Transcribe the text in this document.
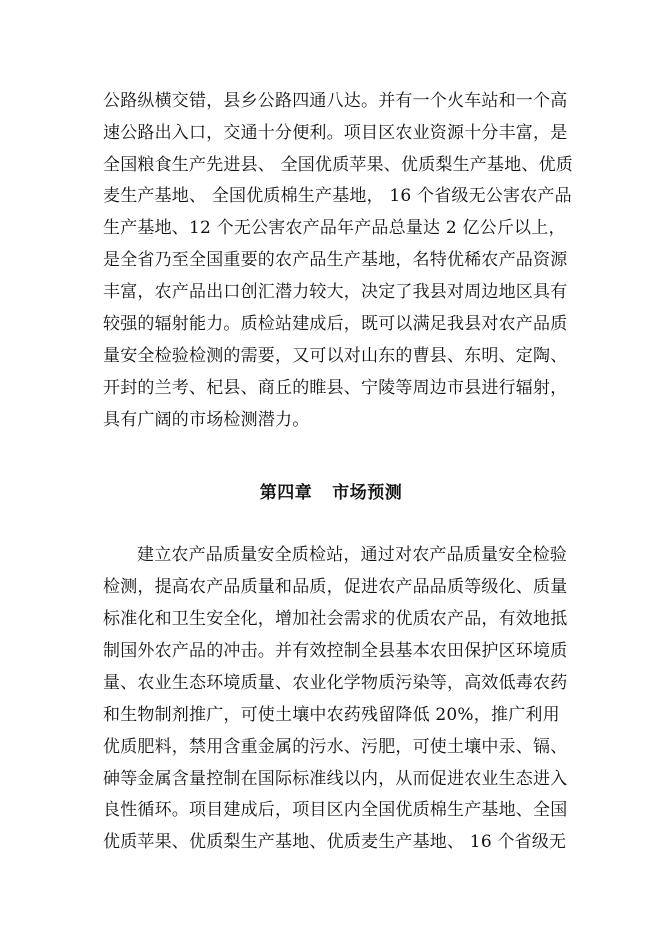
公路纵横交错，县乡公路四通八达。并有一个火车站和一个高
速公路出入口，交通十分便利。项目区农业资源十分丰富，是
全国粮食生产先进县、 全国优质苹果、优质梨生产基地、优质
麦生产基地、 全国优质棉生产基地， 16 个省级无公害农产品
生产基地、12 个无公害农产品年产品总量达 2 亿公斤以上，
是全省乃至全国重要的农产品生产基地，名特优稀农产品资源
丰富，农产品出口创汇潜力较大，决定了我县对周边地区具有
较强的辐射能力。质检站建成后，既可以满足我县对农产品质
量安全检验检测的需要，又可以对山东的曹县、东明、定陶、
开封的兰考、杞县、商丘的睢县、宁陵等周边市县进行辐射，
具有广阔的市场检测潜力。
第四章 市场预测
建立农产品质量安全质检站，通过对农产品质量安全检验
检测，提高农产品质量和品质，促进农产品品质等级化、质量
标准化和卫生安全化，增加社会需求的优质农产品，有效地抵
制国外农产品的冲击。并有效控制全县基本农田保护区环境质
量、农业生态环境质量、农业化学物质污染等，高效低毒农药
和生物制剂推广，可使土壤中农药残留降低 20%，推广利用
优质肥料，禁用含重金属的污水、污肥，可使土壤中汞、镉、
砷等金属含量控制在国际标准线以内，从而促进农业生态进入
良性循环。项目建成后，项目区内全国优质棉生产基地、全国
优质苹果、优质梨生产基地、优质麦生产基地、 16 个省级无
